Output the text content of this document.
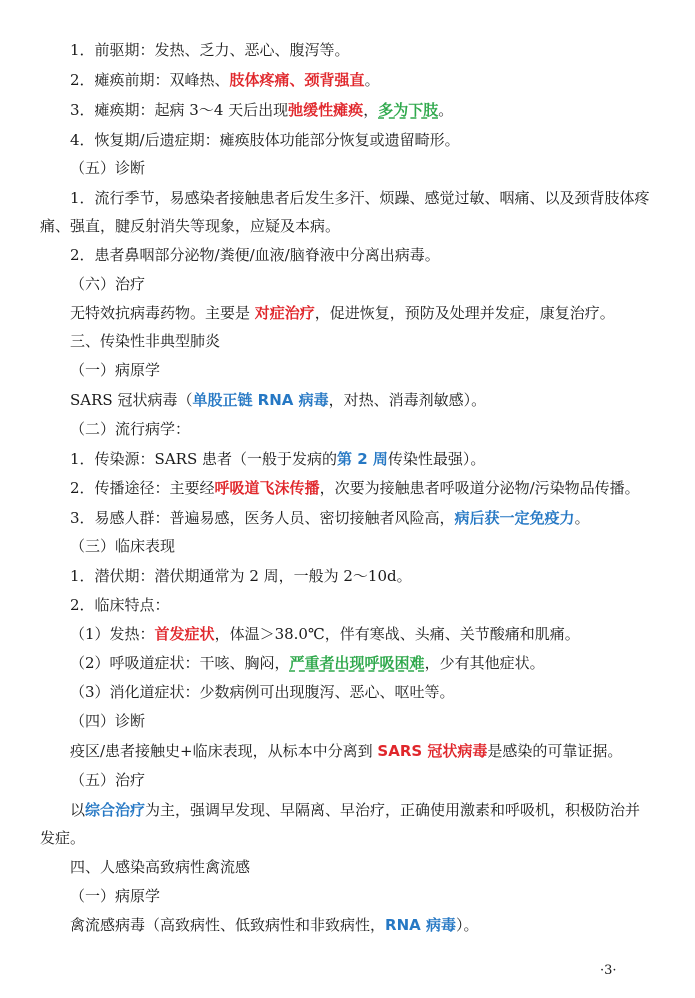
1．前驱期：发热、乏力、恶心、腹泻等。
2．瘫痪前期：双峰热、肢体疼痛、颈背强直。
3．瘫痪期：起病 3～4 天后出现弛缓性瘫痪，多为下肢。
4．恢复期/后遗症期：瘫痪肢体功能部分恢复或遗留畸形。
（五）诊断
1．流行季节，易感染者接触患者后发生多汗、烦躁、感觉过敏、咽痛、以及颈背肢体疼
痛、强直，腱反射消失等现象，应疑及本病。
2．患者鼻咽部分泌物/粪便/血液/脑脊液中分离出病毒。
（六）治疗
无特效抗病毒药物。主要是 对症治疗，促进恢复，预防及处理并发症，康复治疗。
三、传染性非典型肺炎
（一）病原学
SARS 冠状病毒（单股正链 RNA 病毒，对热、消毒剂敏感）。
（二）流行病学：
1．传染源：SARS 患者（一般于发病的第 2 周传染性最强）。
2．传播途径：主要经呼吸道飞沫传播，次要为接触患者呼吸道分泌物/污染物品传播。
3．易感人群：普遍易感，医务人员、密切接触者风险高，病后获一定免疫力。
（三）临床表现
1．潜伏期：潜伏期通常为 2 周，一般为 2～10d。
2．临床特点：
（1）发热：首发症状，体温＞38.0℃，伴有寒战、头痛、关节酸痛和肌痛。
（2）呼吸道症状：干咳、胸闷，严重者出现呼吸困难，少有其他症状。
（3）消化道症状：少数病例可出现腹泻、恶心、呕吐等。
（四）诊断
疫区/患者接触史+临床表现，从标本中分离到 SARS 冠状病毒是感染的可靠证据。
（五）治疗
以综合治疗为主，强调早发现、早隔离、早治疗，正确使用激素和呼吸机，积极防治并
发症。
四、人感染高致病性禽流感
（一）病原学
禽流感病毒（高致病性、低致病性和非致病性，RNA 病毒）。
·3·
